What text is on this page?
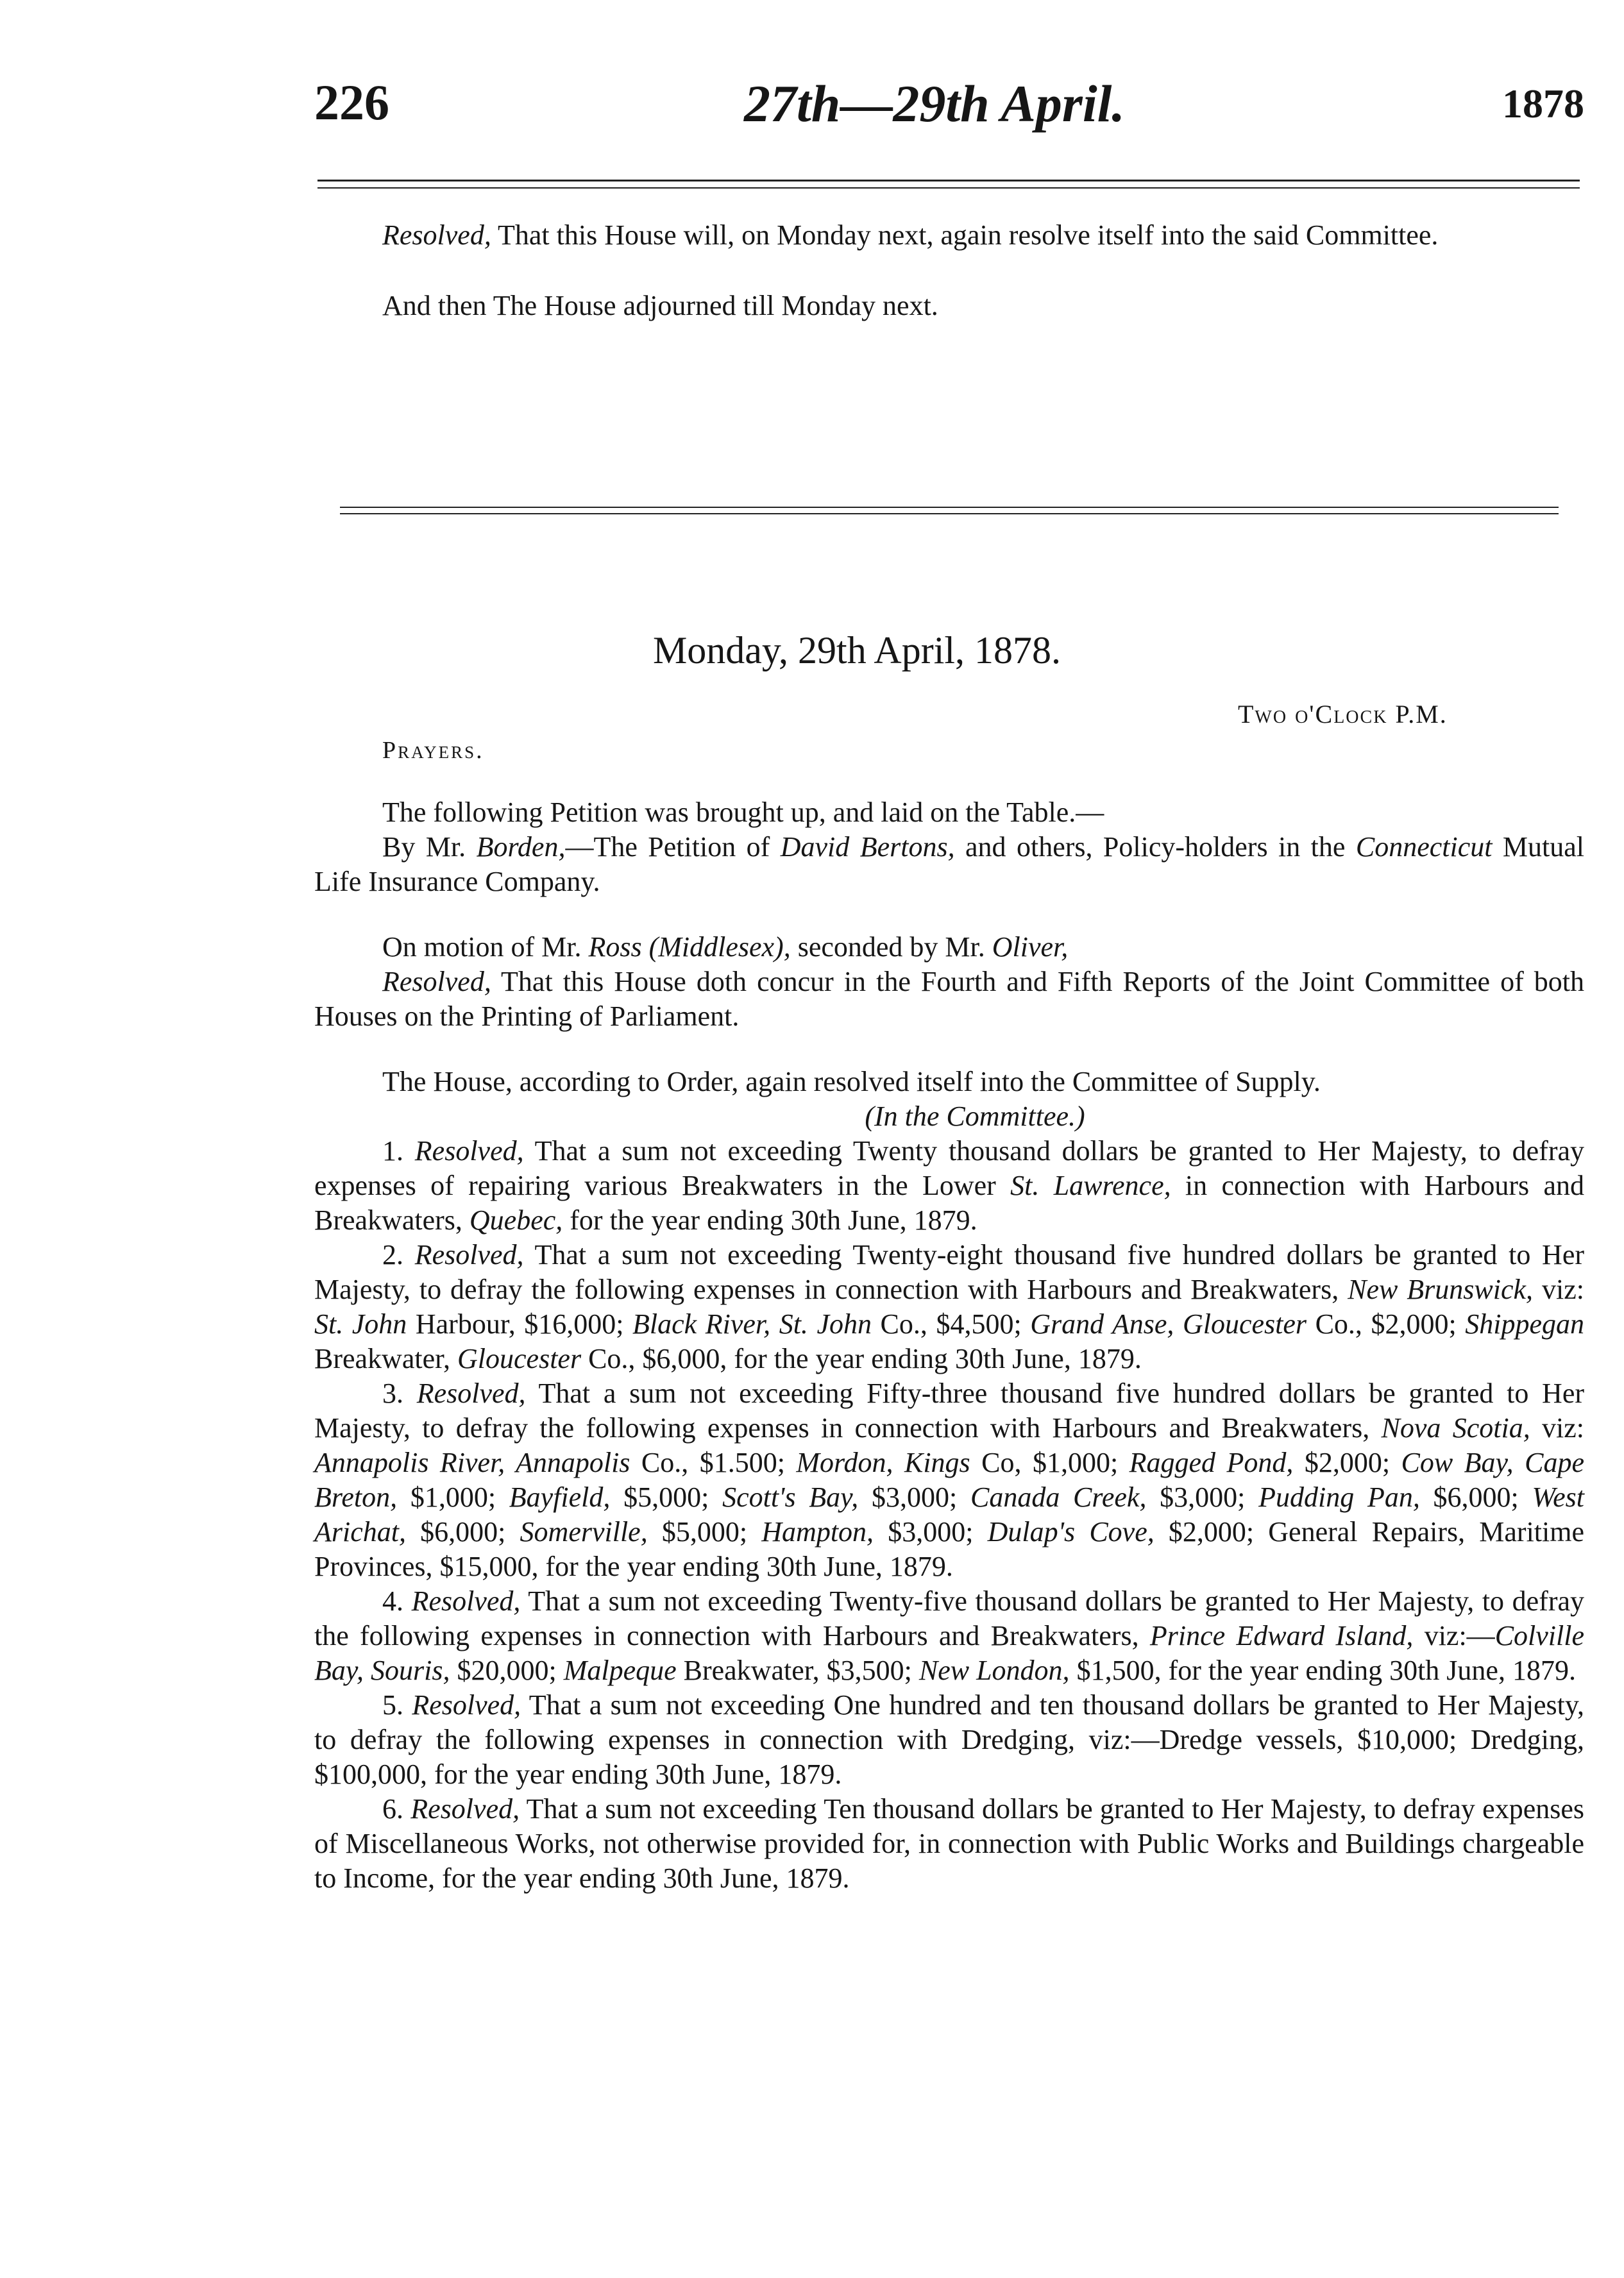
226	27th—29th April.	1878

Resolved, That this House will, on Monday next, again resolve itself into the said Committee.

And then The House adjourned till Monday next.

Monday, 29th April, 1878.
Two o'Clock P.M.
Prayers.

The following Petition was brought up, and laid on the Table.—

By Mr. Borden,—The Petition of David Bertons, and others, Policy-holders in the Connecticut Mutual Life Insurance Company.

On motion of Mr. Ross (Middlesex), seconded by Mr. Oliver,

Resolved, That this House doth concur in the Fourth and Fifth Reports of the Joint Committee of both Houses on the Printing of Parliament.

The House, according to Order, again resolved itself into the Committee of Supply.

(In the Committee.)

1. Resolved, That a sum not exceeding Twenty thousand dollars be granted to Her Majesty, to defray expenses of repairing various Breakwaters in the Lower St. Lawrence, in connection with Harbours and Breakwaters, Quebec, for the year ending 30th June, 1879.

2. Resolved, That a sum not exceeding Twenty-eight thousand five hundred dollars be granted to Her Majesty, to defray the following expenses in connection with Harbours and Breakwaters, New Brunswick, viz: St. John Harbour, $16,000; Black River, St. John Co., $4,500; Grand Anse, Gloucester Co., $2,000; Shippegan Breakwater, Gloucester Co., $6,000, for the year ending 30th June, 1879.

3. Resolved, That a sum not exceeding Fifty-three thousand five hundred dollars be granted to Her Majesty, to defray the following expenses in connection with Harbours and Breakwaters, Nova Scotia, viz: Annapolis River, Annapolis Co., $1.500; Mordon, Kings Co, $1,000; Ragged Pond, $2,000; Cow Bay, Cape Breton, $1,000; Bayfield, $5,000; Scott's Bay, $3,000; Canada Creek, $3,000; Pudding Pan, $6,000; West Arichat, $6,000; Somerville, $5,000; Hampton, $3,000; Dulap's Cove, $2,000; General Repairs, Maritime Provinces, $15,000, for the year ending 30th June, 1879.

4. Resolved, That a sum not exceeding Twenty-five thousand dollars be granted to Her Majesty, to defray the following expenses in connection with Harbours and Breakwaters, Prince Edward Island, viz:—Colville Bay, Souris, $20,000; Malpeque Breakwater, $3,500; New London, $1,500, for the year ending 30th June, 1879.

5. Resolved, That a sum not exceeding One hundred and ten thousand dollars be granted to Her Majesty, to defray the following expenses in connection with Dredging, viz:—Dredge vessels, $10,000; Dredging, $100,000, for the year ending 30th June, 1879.

6. Resolved, That a sum not exceeding Ten thousand dollars be granted to Her Majesty, to defray expenses of Miscellaneous Works, not otherwise provided for, in connection with Public Works and Buildings chargeable to Income, for the year ending 30th June, 1879.
